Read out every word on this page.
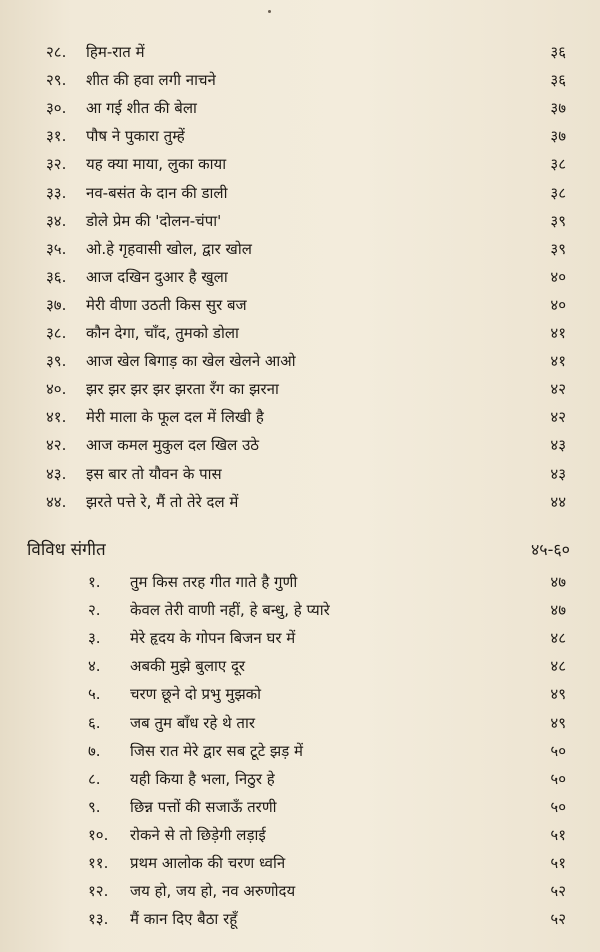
२८. हिम-रात में	३६
२९. शीत की हवा लगी नाचने	३६
३०. आ गई शीत की बेला	३७
३१. पौष ने पुकारा तुम्हें	३७
३२. यह क्या माया, लुका काया	३८
३३. नव-बसंत के दान की डाली	३८
३४. डोले प्रेम की 'दोलन-चंपा'	३९
३५. ओ.हे गृहवासी खोल, द्वार खोल	३९
३६. आज दखिन दुआर है खुला	४०
३७. मेरी वीणा उठती किस सुर बज	४०
३८. कौन देगा, चाँद, तुमको डोला	४१
३९. आज खेल बिगाड़ का खेल खेलने आओ	४१
४०. झर झर झर झर झरता रँग का झरना	४२
४१. मेरी माला के फूल दल में लिखी है	४२
४२. आज कमल मुकुल दल खिल उठे	४३
४३. इस बार तो यौवन के पास	४३
४४. झरते पत्ते रे, मैं तो तेरे दल में	४४
विविध संगीत	४५-६०
१. तुम किस तरह गीत गाते है गुणी	४७
२. केवल तेरी वाणी नहीं, हे बन्धु, हे प्यारे	४७
३. मेरे हृदय के गोपन बिजन घर में	४८
४. अबकी मुझे बुलाए दूर	४८
५. चरण छूने दो प्रभु मुझको	४९
६. जब तुम बाँध रहे थे तार	४९
७. जिस रात मेरे द्वार सब टूटे झड़ में	५०
८. यही किया है भला, निठुर हे	५०
९. छिन्न पत्तों की सजाऊँ तरणी	५०
१०. रोकने से तो छिड़ेगी लड़ाई	५१
११. प्रथम आलोक की चरण ध्वनि	५१
१२. जय हो, जय हो, नव अरुणोदय	५२
१३. मैं कान दिए बैठा रहूँ	५२
